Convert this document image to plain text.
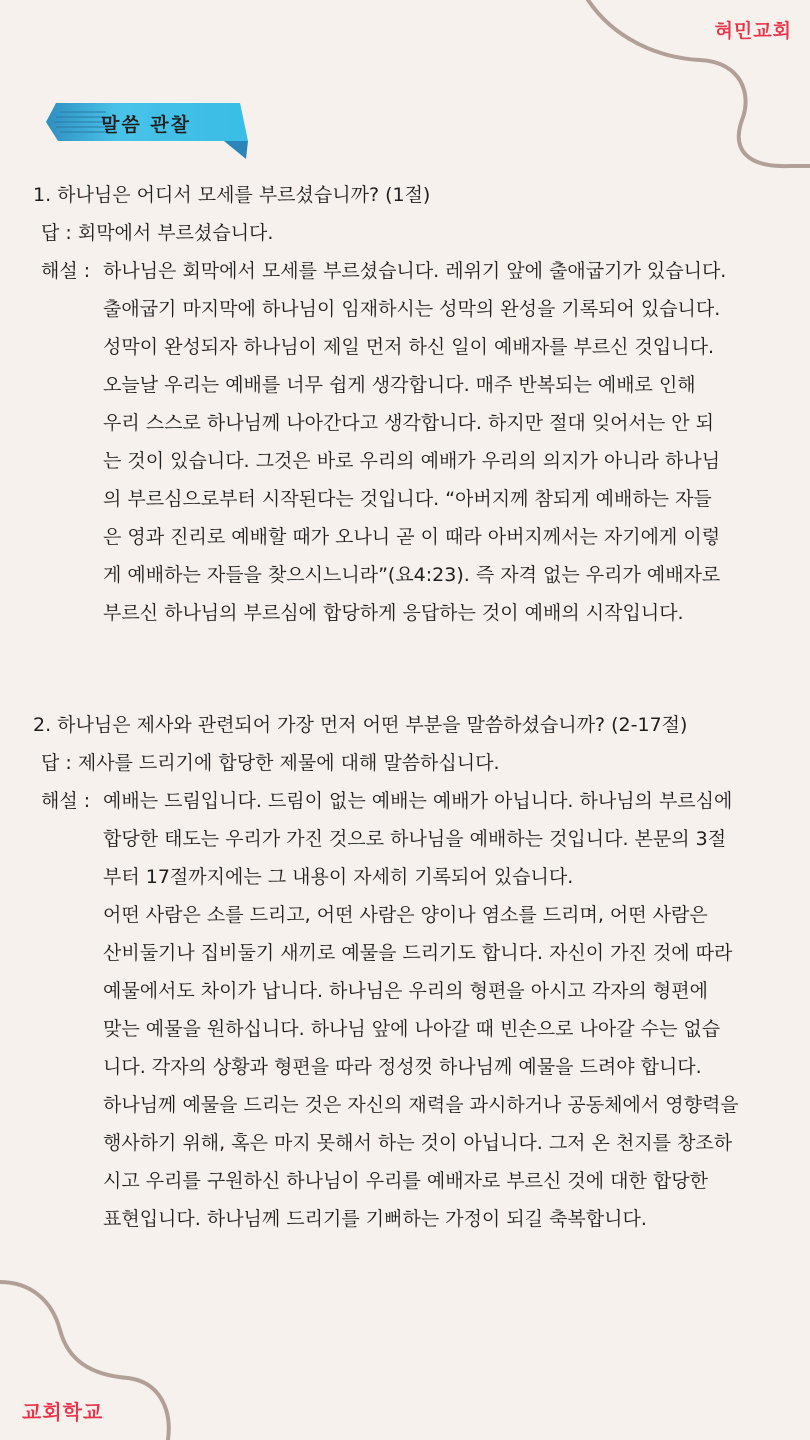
혀민교회
말씀 관찰
1. 하나님은 어디서 모세를 부르셨습니까? (1절)
답 : 회막에서 부르셨습니다.
해설 : 하나님은 회막에서 모세를 부르셨습니다. 레위기 앞에 출애굽기가 있습니다.
출애굽기 마지막에 하나님이 임재하시는 성막의 완성을 기록되어 있습니다.
성막이 완성되자 하나님이 제일 먼저 하신 일이 예배자를 부르신 것입니다.
오늘날 우리는 예배를 너무 쉽게 생각합니다. 매주 반복되는 예배로 인해
우리 스스로 하나님께 나아간다고 생각합니다. 하지만 절대 잊어서는 안 되
는 것이 있습니다. 그것은 바로 우리의 예배가 우리의 의지가 아니라 하나님
의 부르심으로부터 시작된다는 것입니다. “아버지께 참되게 예배하는 자들
은 영과 진리로 예배할 때가 오나니 곧 이 때라 아버지께서는 자기에게 이렇
게 예배하는 자들을 찾으시느니라”(요4:23). 즉 자격 없는 우리가 예배자로
부르신 하나님의 부르심에 합당하게 응답하는 것이 예배의 시작입니다.
2. 하나님은 제사와 관련되어 가장 먼저 어떤 부분을 말씀하셨습니까? (2-17절)
답 : 제사를 드리기에 합당한 제물에 대해 말씀하십니다.
해설 : 예배는 드림입니다. 드림이 없는 예배는 예배가 아닙니다. 하나님의 부르심에
합당한 태도는 우리가 가진 것으로 하나님을 예배하는 것입니다. 본문의 3절
부터 17절까지에는 그 내용이 자세히 기록되어 있습니다.
어떤 사람은 소를 드리고, 어떤 사람은 양이나 염소를 드리며, 어떤 사람은
산비둘기나 집비둘기 새끼로 예물을 드리기도 합니다. 자신이 가진 것에 따라
예물에서도 차이가 납니다. 하나님은 우리의 형편을 아시고 각자의 형편에
맞는 예물을 원하십니다. 하나님 앞에 나아갈 때 빈손으로 나아갈 수는 없습
니다. 각자의 상황과 형편을 따라 정성껏 하나님께 예물을 드려야 합니다.
하나님께 예물을 드리는 것은 자신의 재력을 과시하거나 공동체에서 영향력을
행사하기 위해, 혹은 마지 못해서 하는 것이 아닙니다. 그저 온 천지를 창조하
시고 우리를 구원하신 하나님이 우리를 예배자로 부르신 것에 대한 합당한
표현입니다. 하나님께 드리기를 기뻐하는 가정이 되길 축복합니다.
교회학교
